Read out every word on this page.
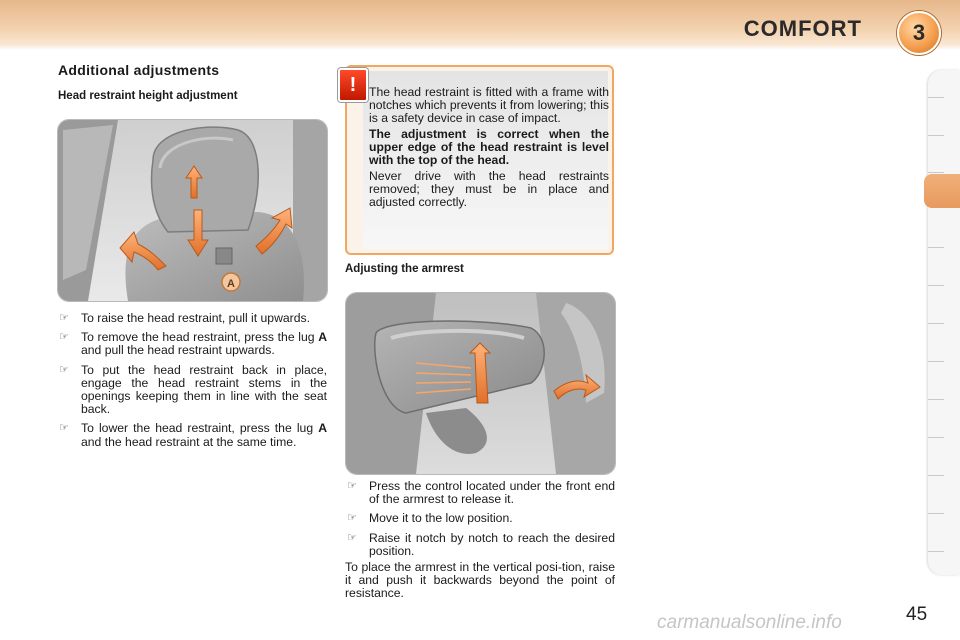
COMFORT	3
Additional adjustments
Head restraint height adjustment
A
☞ To raise the head restraint, pull it upwards.
☞ To remove the head restraint, press the lug A and pull the head restraint upwards.
☞ To put the head restraint back in place, engage the head restraint stems in the openings keeping them in line with the seat back.
☞ To lower the head restraint, press the lug A and the head restraint at the same time.
!	The head restraint is fitted with a frame with notches which prevents it from lowering; this is a safety device in case of impact.

The adjustment is correct when the upper edge of the head restraint is level with the top of the head.

Never drive with the head restraints removed; they must be in place and adjusted correctly.

Adjusting the armrest
☞ Press the control located under the front end of the armrest to release it.
☞ Move it to the low position.
☞ Raise it notch by notch to reach the desired position.

To place the armrest in the vertical posi-tion, raise it and push it backwards beyond the point of resistance.

carmanualsonline.info	45
